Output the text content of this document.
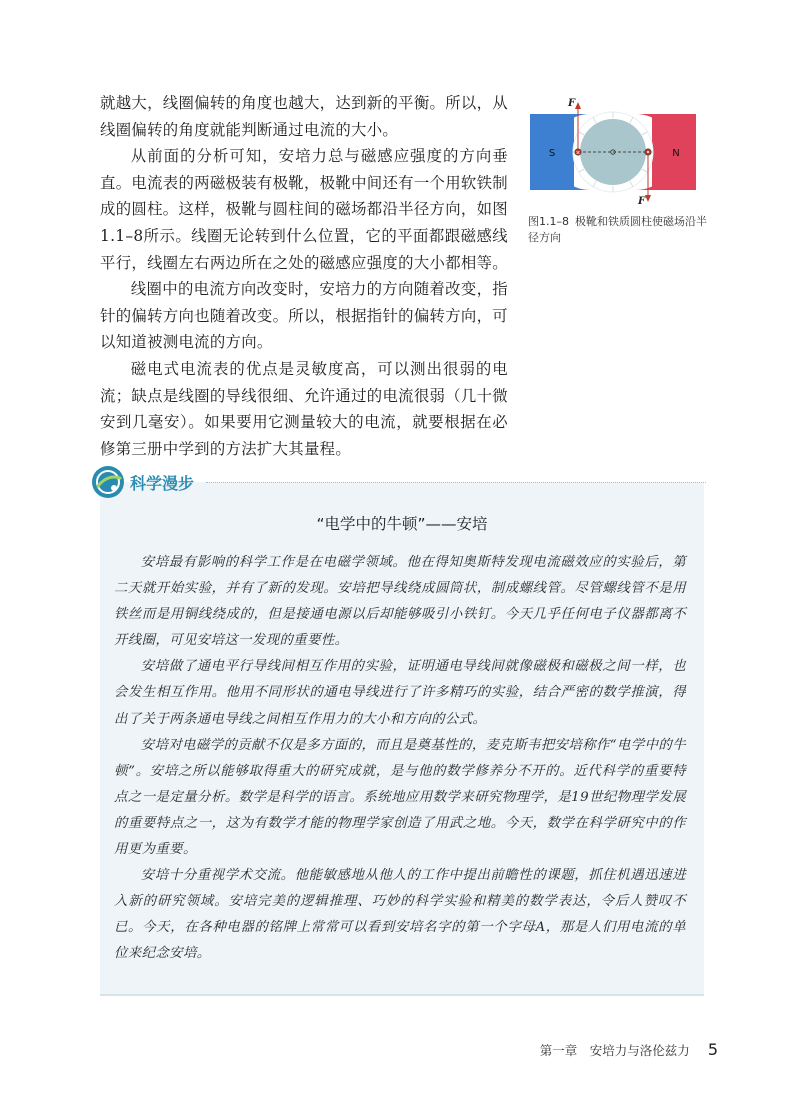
就越大，线圈偏转的角度也越大，达到新的平衡。所以，从线圈偏转的角度就能判断通过电流的大小。

从前面的分析可知，安培力总与磁感应强度的方向垂直。电流表的两磁极装有极靴，极靴中间还有一个用软铁制成的圆柱。这样，极靴与圆柱间的磁场都沿半径方向，如图1.1–8所示。线圈无论转到什么位置，它的平面都跟磁感线平行，线圈左右两边所在之处的磁感应强度的大小都相等。

线圈中的电流方向改变时，安培力的方向随着改变，指针的偏转方向也随着改变。所以，根据指针的偏转方向，可以知道被测电流的方向。

磁电式电流表的优点是灵敏度高，可以测出很弱的电流；缺点是线圈的导线很细、允许通过的电流很弱（几十微安到几毫安）。如果要用它测量较大的电流，就要根据在必修第三册中学到的方法扩大其量程。

×
F
F
S	N
图1.1–8 极靴和铁质圆柱使磁场沿半径方向
科学漫步
“电学中的牛顿”——安培

安培最有影响的科学工作是在电磁学领域。他在得知奥斯特发现电流磁效应的实验后，第二天就开始实验，并有了新的发现。安培把导线绕成圆筒状，制成螺线管。尽管螺线管不是用铁丝而是用铜线绕成的，但是接通电源以后却能够吸引小铁钉。今天几乎任何电子仪器都离不开线圈，可见安培这一发现的重要性。

安培做了通电平行导线间相互作用的实验，证明通电导线间就像磁极和磁极之间一样，也会发生相互作用。他用不同形状的通电导线进行了许多精巧的实验，结合严密的数学推演，得出了关于两条通电导线之间相互作用力的大小和方向的公式。

安培对电磁学的贡献不仅是多方面的，而且是奠基性的，麦克斯韦把安培称作“电学中的牛顿”。安培之所以能够取得重大的研究成就，是与他的数学修养分不开的。近代科学的重要特点之一是定量分析。数学是科学的语言。系统地应用数学来研究物理学，是19世纪物理学发展的重要特点之一，这为有数学才能的物理学家创造了用武之地。今天，数学在科学研究中的作用更为重要。

安培十分重视学术交流。他能敏感地从他人的工作中提出前瞻性的课题，抓住机遇迅速进入新的研究领域。安培完美的逻辑推理、巧妙的科学实验和精美的数学表达，令后人赞叹不已。今天，在各种电器的铭牌上常常可以看到安培名字的第一个字母A，那是人们用电流的单位来纪念安培。

第一章　安培力与洛伦兹力 5
